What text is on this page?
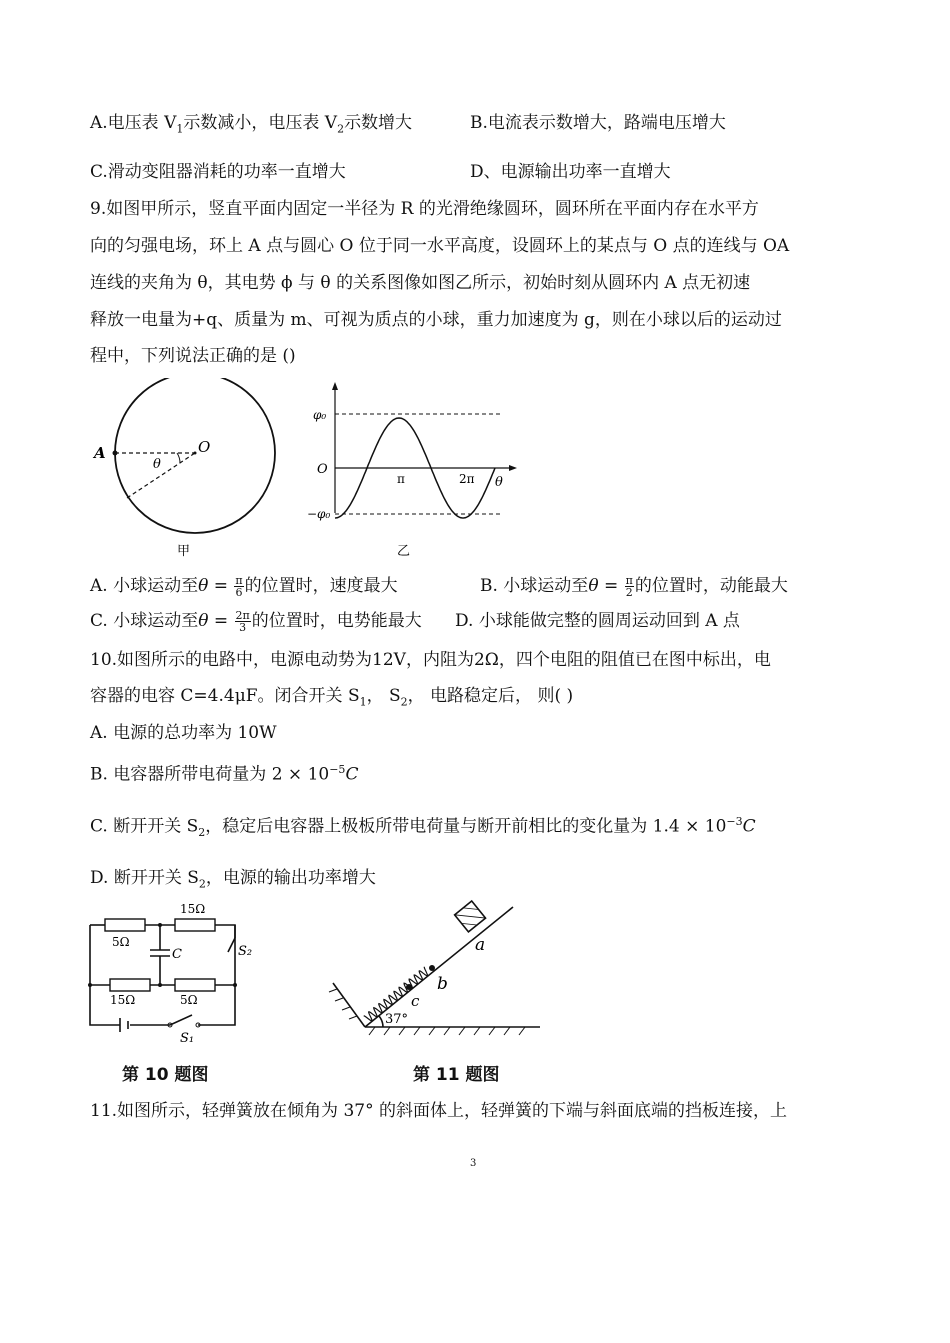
A.电压表 $V_1$示数减小，电压表 $V_2$示数增大	B.电流表示数增大，路端电压增大
C.滑动变阻器消耗的功率一直增大	D、电源输出功率一直增大
9.如图甲所示，竖直平面内固定一半径为 R 的光滑绝缘圆环，圆环所在平面内存在水平方
向的匀强电场，环上 A 点与圆心 O 位于同一水平高度，设圆环上的某点与 O 点的连线与 OA
连线的夹角为 θ，其电势 ϕ 与 θ 的关系图像如图乙所示，初始时刻从圆环内 A 点无初速
释放一电量为+q、质量为 m、可视为质点的小球，重力加速度为 g，则在小球以后的运动过
程中，下列说法正确的是 ()
A	O
θ
甲
φ₀
O
−φ₀
π	2π θ
乙
A. 小球运动至$\theta = \frac{\pi}{6}$ 的位置时，速度最大	B. 小球运动至$\theta = \frac{\pi}{2}$ 的位置时，动能最大
C. 小球运动至$\theta = \frac{2\pi}{3}$ 的位置时，电势能最大 D. 小球能做完整的圆周运动回到 A 点
10.如图所示的电路中，电源电动势为12V，内阻为2Ω，四个电阻的阻值已在图中标出，电
容器的电容 C=4.4μF。闭合开关 $S_1$， $S_2$， 电路稳定后， 则( )
A. 电源的总功率为 10W
B. 电容器所带电荷量为 $2 \times 10^{-5}C$
C. 断开开关 $S_2$，稳定后电容器上极板所带电荷量与断开前相比的变化量为 $1.4 \times 10^{-3}C$
D. 断开开关 $S_2$，电源的输出功率增大
15Ω
5Ω
15Ω	5Ω
C	S₂
S₁
第 10 题图
a
b
c
37°
第 11 题图
11.如图所示，轻弹簧放在倾角为 37° 的斜面体上，轻弹簧的下端与斜面底端的挡板连接，上
3
